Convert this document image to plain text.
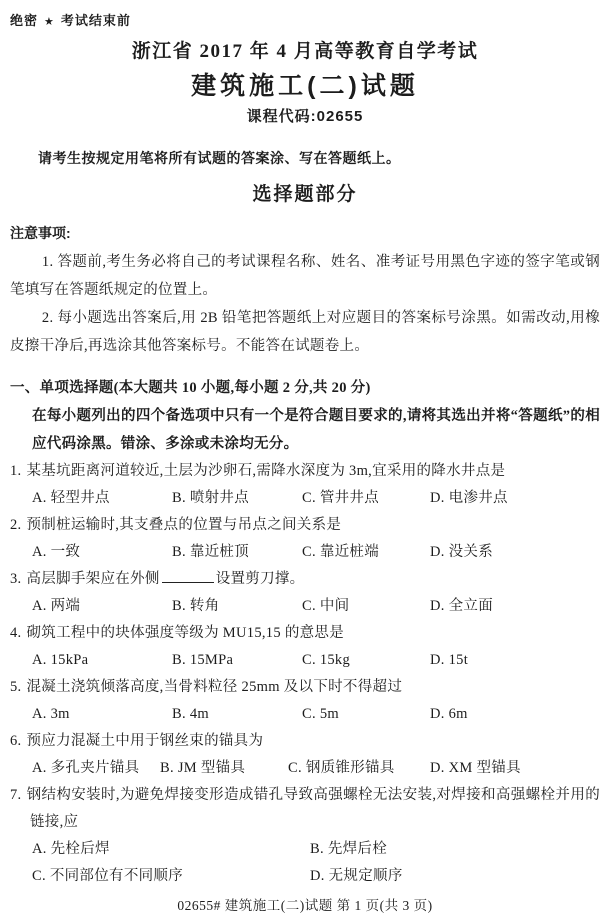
绝密 ★ 考试结束前
浙江省 2017 年 4 月高等教育自学考试
建筑施工(二)试题
课程代码:02655
请考生按规定用笔将所有试题的答案涂、写在答题纸上。
选择题部分
注意事项:

1. 答题前,考生务必将自己的考试课程名称、姓名、准考证号用黑色字迹的签字笔或钢笔填写在答题纸规定的位置上。

2. 每小题选出答案后,用 2B 铅笔把答题纸上对应题目的答案标号涂黑。如需改动,用橡皮擦干净后,再选涂其他答案标号。不能答在试题卷上。

一、单项选择题(本大题共 10 小题,每小题 2 分,共 20 分)
在每小题列出的四个备选项中只有一个是符合题目要求的,请将其选出并将“答题纸”的相应代码涂黑。错涂、多涂或未涂均无分。
1. 某基坑距离河道较近,土层为沙卵石,需降水深度为 3m,宜采用的降水井点是
A. 轻型井点	B. 喷射井点	C. 管井井点	D. 电渗井点
2. 预制桩运输时,其支叠点的位置与吊点之间关系是
A. 一致	B. 靠近桩顶	C. 靠近桩端	D. 没关系
3. 高层脚手架应在外侧	设置剪刀撑。
A. 两端	B. 转角	C. 中间	D. 全立面
4. 砌筑工程中的块体强度等级为 MU15,15 的意思是
A. 15kPa	B. 15MPa	C. 15kg	D. 15t
5. 混凝土浇筑倾落高度,当骨料粒径 25mm 及以下时不得超过
A. 3m	B. 4m	C. 5m	D. 6m
6. 预应力混凝土中用于钢丝束的锚具为
A. 多孔夹片锚具	B. JM 型锚具	C. 钢质锥形锚具	D. XM 型锚具
7. 钢结构安装时,为避免焊接变形造成错孔导致高强螺栓无法安装,对焊接和高强螺栓并用的链接,应
A. 先栓后焊	B. 先焊后栓
C. 不同部位有不同顺序	D. 无规定顺序
02655# 建筑施工(二)试题 第 1 页(共 3 页)
